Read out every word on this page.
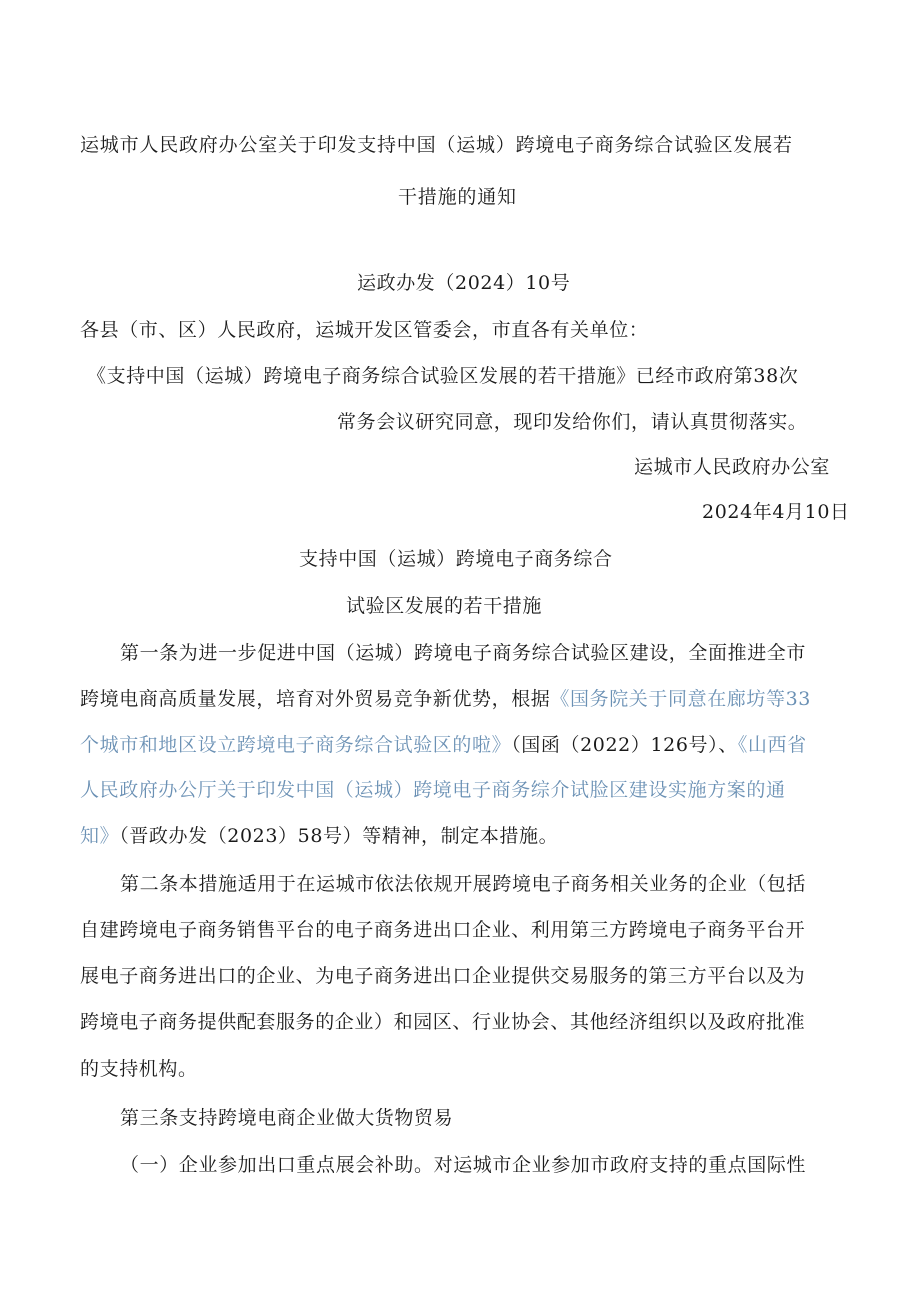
运城市人民政府办公室关于印发支持中国（运城）跨境电子商务综合试验区发展若
干措施的通知
运政办发（2024）10号
各县（市、区）人民政府，运城开发区管委会，市直各有关单位：
《支持中国（运城）跨境电子商务综合试验区发展的若干措施》已经市政府第38次
常务会议研究同意，现印发给你们，请认真贯彻落实。
运城市人民政府办公室
2024年4月10日
支持中国（运城）跨境电子商务综合
试验区发展的若干措施
第一条为进一步促进中国（运城）跨境电子商务综合试验区建设，全面推进全市
跨境电商高质量发展，培育对外贸易竞争新优势，根据《国务院关于同意在廊坊等33
个城市和地区设立跨境电子商务综合试验区的啦》（国函（2022）126号）、《山西省
人民政府办公厅关于印发中国（运城）跨境电子商务综介试脸区建设实施方案的通
知》（晋政办发（2023）58号）等精神，制定本措施。
第二条本措施适用于在运城市依法依规开展跨境电子商务相关业务的企业（包括
自建跨境电子商务销售平台的电子商务进出口企业、利用第三方跨境电子商务平台开
展电子商务进出口的企业、为电子商务进出口企业提供交易服务的第三方平台以及为
跨境电子商务提供配套服务的企业）和园区、行业协会、其他经济组织以及政府批准
的支持机构。
第三条支持跨境电商企业做大货物贸易
（一）企业参加出口重点展会补助。对运城市企业参加市政府支持的重点国际性
